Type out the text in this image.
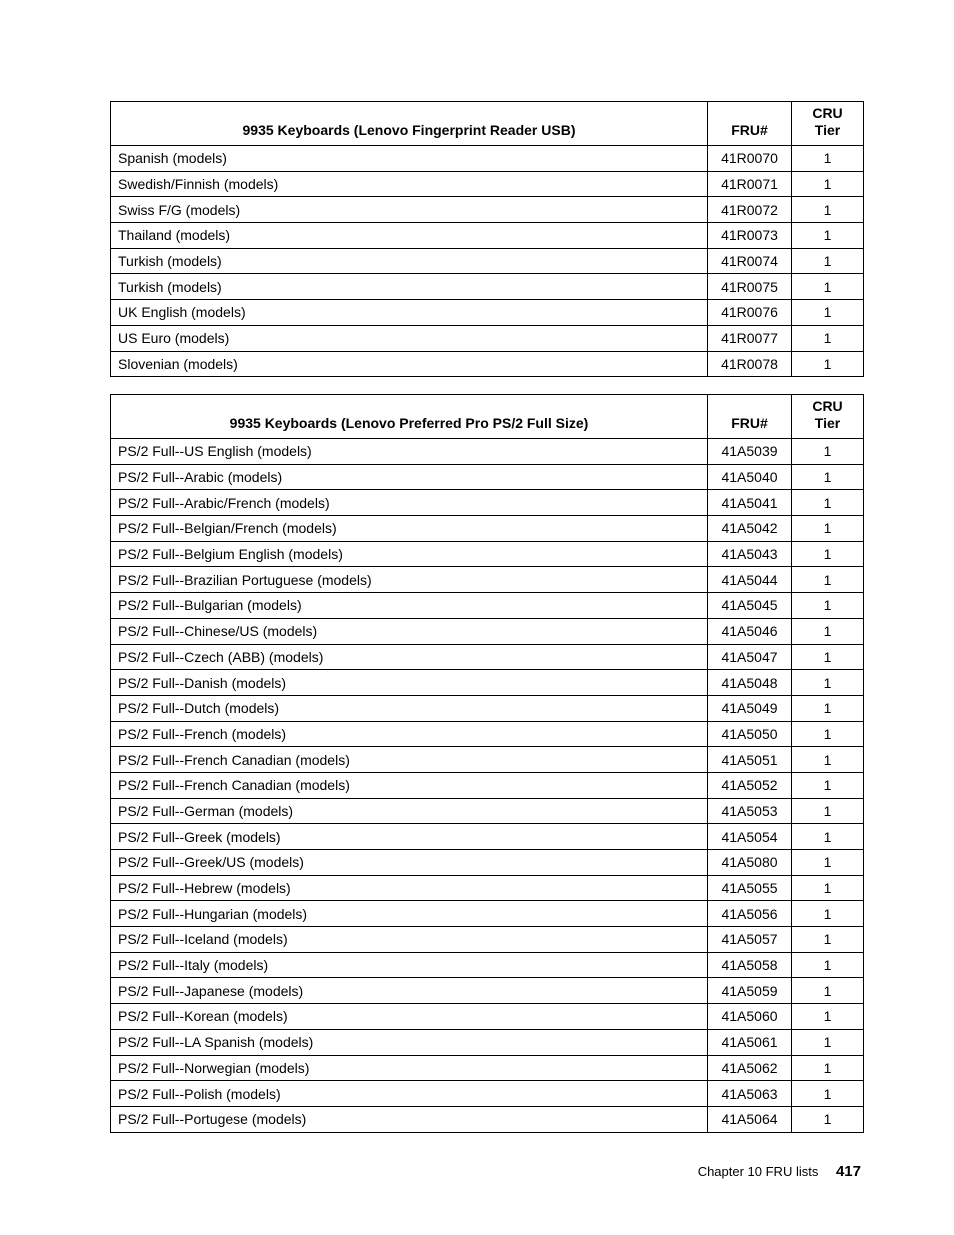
9935 Keyboards (Lenovo Fingerprint Reader USB)	FRU#	CRU
Tier
Spanish (models)	41R0070	1
Swedish/Finnish (models)	41R0071	1
Swiss F/G (models)	41R0072	1
Thailand (models)	41R0073	1
Turkish (models)	41R0074	1
Turkish (models)	41R0075	1
UK English (models)	41R0076	1
US Euro (models)	41R0077	1
Slovenian (models)	41R0078	1
9935 Keyboards (Lenovo Preferred Pro PS/2 Full Size)	FRU#	CRU
Tier
PS/2 Full--US English (models)	41A5039	1
PS/2 Full--Arabic (models)	41A5040	1
PS/2 Full--Arabic/French (models)	41A5041	1
PS/2 Full--Belgian/French (models)	41A5042	1
PS/2 Full--Belgium English (models)	41A5043	1
PS/2 Full--Brazilian Portuguese (models)	41A5044	1
PS/2 Full--Bulgarian (models)	41A5045	1
PS/2 Full--Chinese/US (models)	41A5046	1
PS/2 Full--Czech (ABB) (models)	41A5047	1
PS/2 Full--Danish (models)	41A5048	1
PS/2 Full--Dutch (models)	41A5049	1
PS/2 Full--French (models)	41A5050	1
PS/2 Full--French Canadian (models)	41A5051	1
PS/2 Full--French Canadian (models)	41A5052	1
PS/2 Full--German (models)	41A5053	1
PS/2 Full--Greek (models)	41A5054	1
PS/2 Full--Greek/US (models)	41A5080	1
PS/2 Full--Hebrew (models)	41A5055	1
PS/2 Full--Hungarian (models)	41A5056	1
PS/2 Full--Iceland (models)	41A5057	1
PS/2 Full--Italy (models)	41A5058	1
PS/2 Full--Japanese (models)	41A5059	1
PS/2 Full--Korean (models)	41A5060	1
PS/2 Full--LA Spanish (models)	41A5061	1
PS/2 Full--Norwegian (models)	41A5062	1
PS/2 Full--Polish (models)	41A5063	1
PS/2 Full--Portugese (models)	41A5064	1
Chapter 10 FRU lists 417
